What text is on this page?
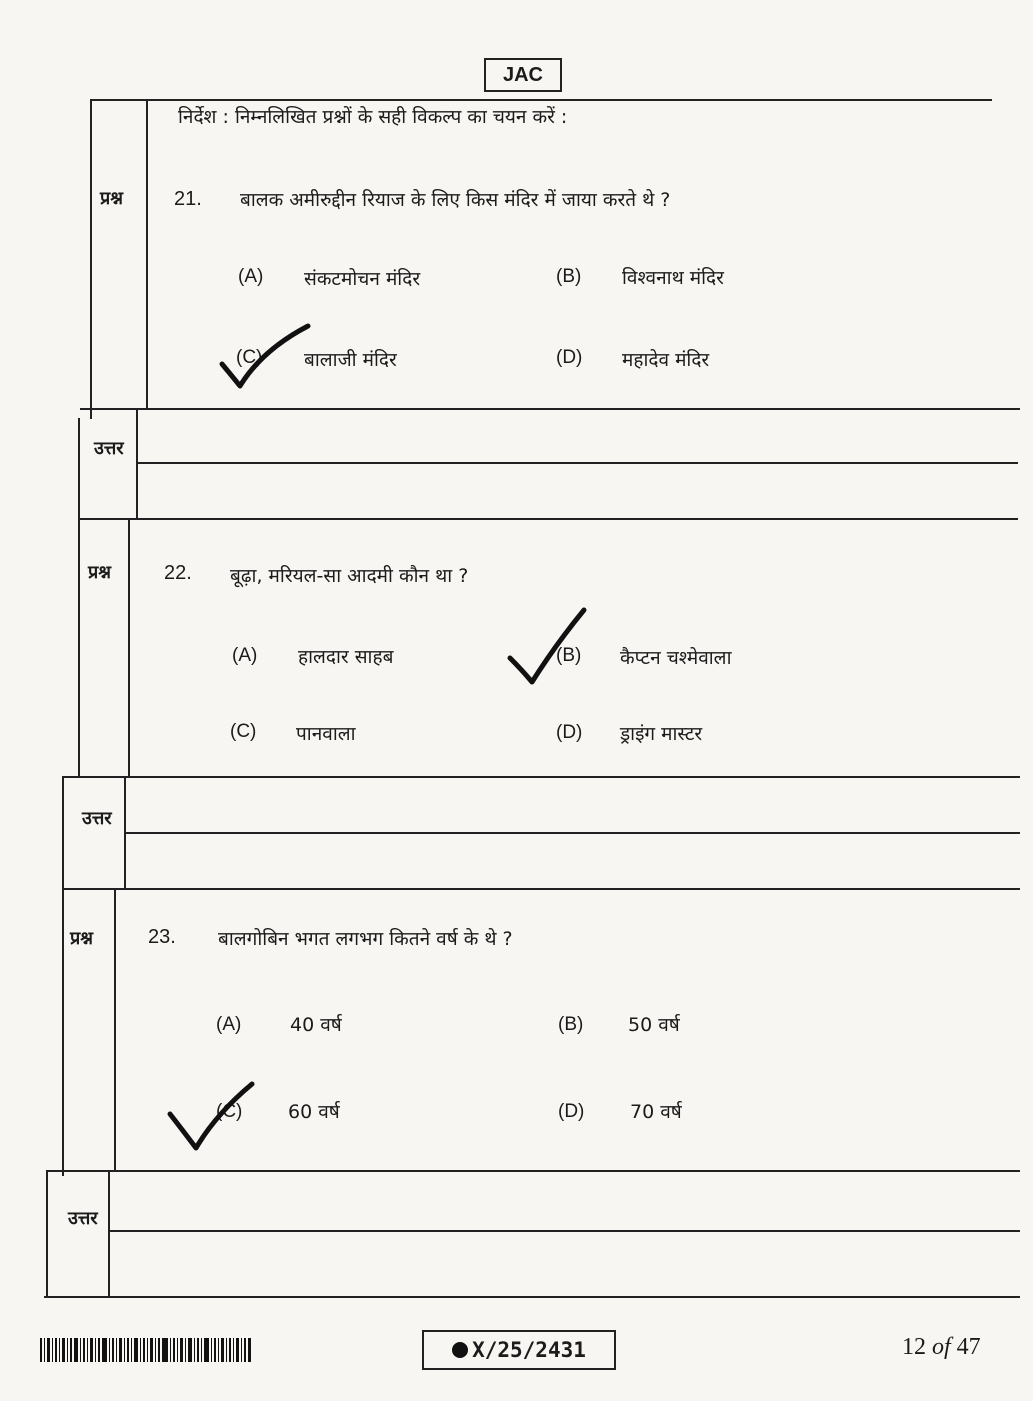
JAC
निर्देश : निम्नलिखित प्रश्नों के सही विकल्प का चयन करें :
प्रश्न	21. बालक अमीरुद्दीन रियाज के लिए किस मंदिर में जाया करते थे ?
(A) संकटमोचन मंदिर	(B) विश्वनाथ मंदिर
(C) बालाजी मंदिर	(D) महादेव मंदिर
उत्तर
प्रश्न	22. बूढ़ा, मरियल-सा आदमी कौन था ?
(A) हालदार साहब	(B) कैप्टन चश्मेवाला
(C) पानवाला	(D) ड्राइंग मास्टर
उत्तर
प्रश्न	23. बालगोबिन भगत लगभग कितने वर्ष के थे ?
(A)	40 वर्ष	(B) 50 वर्ष
(C) 60 वर्ष	(D) 70 वर्ष
उत्तर
X/25/2431	12 of 47
